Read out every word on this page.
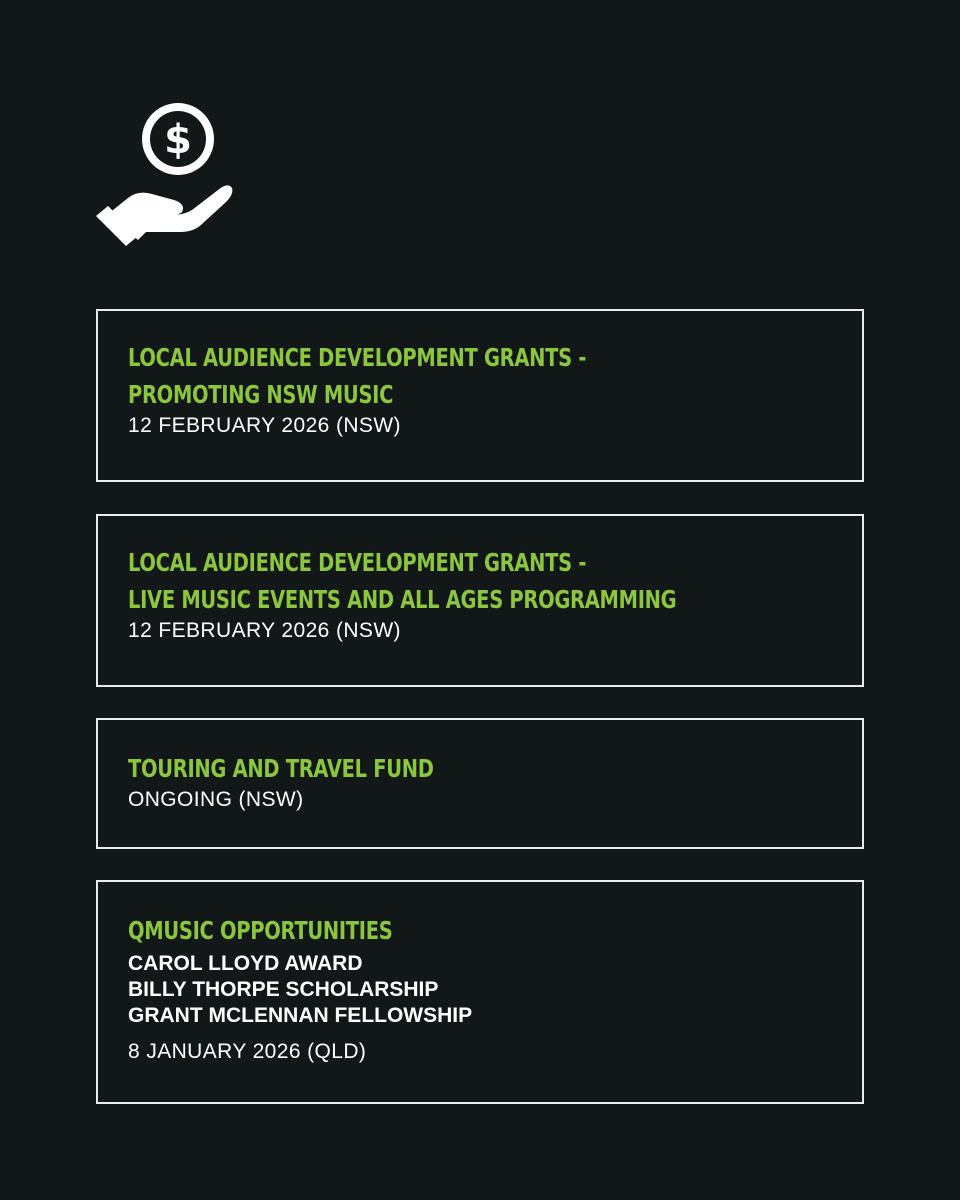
$
LOCAL AUDIENCE DEVELOPMENT GRANTS -
PROMOTING NSW MUSIC
12 FEBRUARY 2026 (NSW)
LOCAL AUDIENCE DEVELOPMENT GRANTS -
LIVE MUSIC EVENTS AND ALL AGES PROGRAMMING
12 FEBRUARY 2026 (NSW)
TOURING AND TRAVEL FUND
ONGOING (NSW)
QMUSIC OPPORTUNITIES
CAROL LLOYD AWARD
BILLY THORPE SCHOLARSHIP
GRANT MCLENNAN FELLOWSHIP
8 JANUARY 2026 (QLD)
